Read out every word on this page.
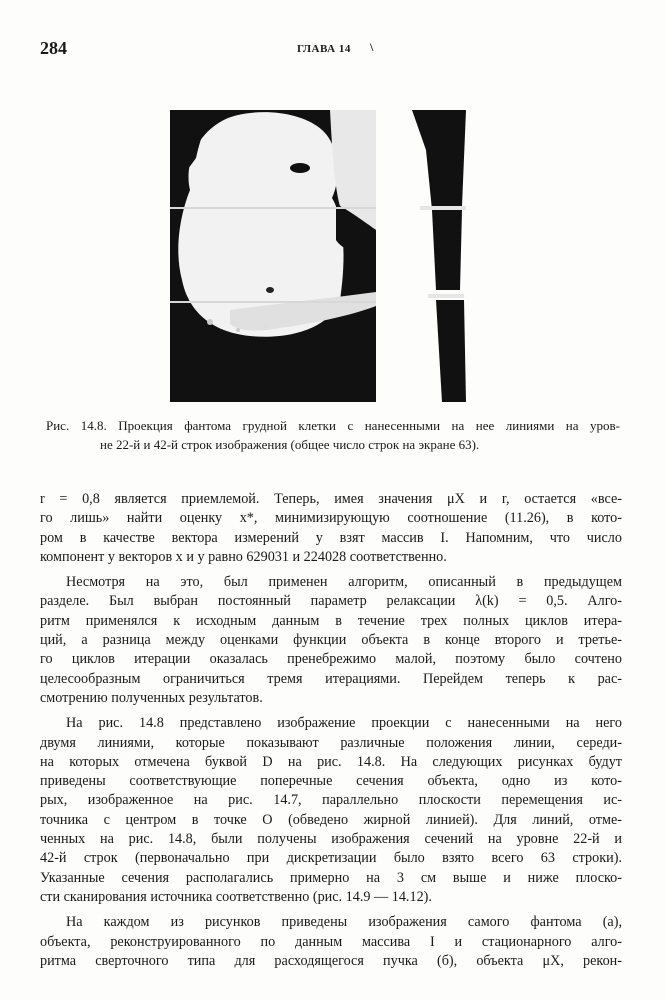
284	ГЛАВА 14 \
Рис. 14.8. Проекция фантома грудной клетки с нанесенными на нее линиями на уров-
не 22-й и 42-й строк изображения (общее число строк на экране 63).

r = 0,8 является приемлемой. Теперь, имея значения μX и r, остается «все-
го лишь» найти оценку x*, минимизирующую соотношение (11.26), в кото-
ром в качестве вектора измерений y взят массив I. Напомним, что число
компонент у векторов x и y равно 629031 и 224028 соответственно.

Несмотря на это, был применен алгоритм, описанный в предыдущем
разделе. Был выбран постоянный параметр релаксации λ(k) = 0,5. Алго-
ритм применялся к исходным данным в течение трех полных циклов итера-
ций, а разница между оценками функции объекта в конце второго и третье-
го циклов итерации оказалась пренебрежимо малой, поэтому было сочтено
целесообразным ограничиться тремя итерациями. Перейдем теперь к рас-
смотрению полученных результатов.

На рис. 14.8 представлено изображение проекции с нанесенными на него
двумя линиями, которые показывают различные положения линии, середи-
на которых отмечена буквой D на рис. 14.8. На следующих рисунках будут
приведены соответствующие поперечные сечения объекта, одно из кото-
рых, изображенное на рис. 14.7, параллельно плоскости перемещения ис-
точника с центром в точке O (обведено жирной линией). Для линий, отме-
ченных на рис. 14.8, были получены изображения сечений на уровне 22-й и
42-й строк (первоначально при дискретизации было взято всего 63 строки).
Указанные сечения располагались примерно на 3 см выше и ниже плоско-
сти сканирования источника соответственно (рис. 14.9 — 14.12).

На каждом из рисунков приведены изображения самого фантома (а),
объекта, реконструированного по данным массива I и стационарного алго-
ритма сверточного типа для расходящегося пучка (б), объекта μX, рекон-
